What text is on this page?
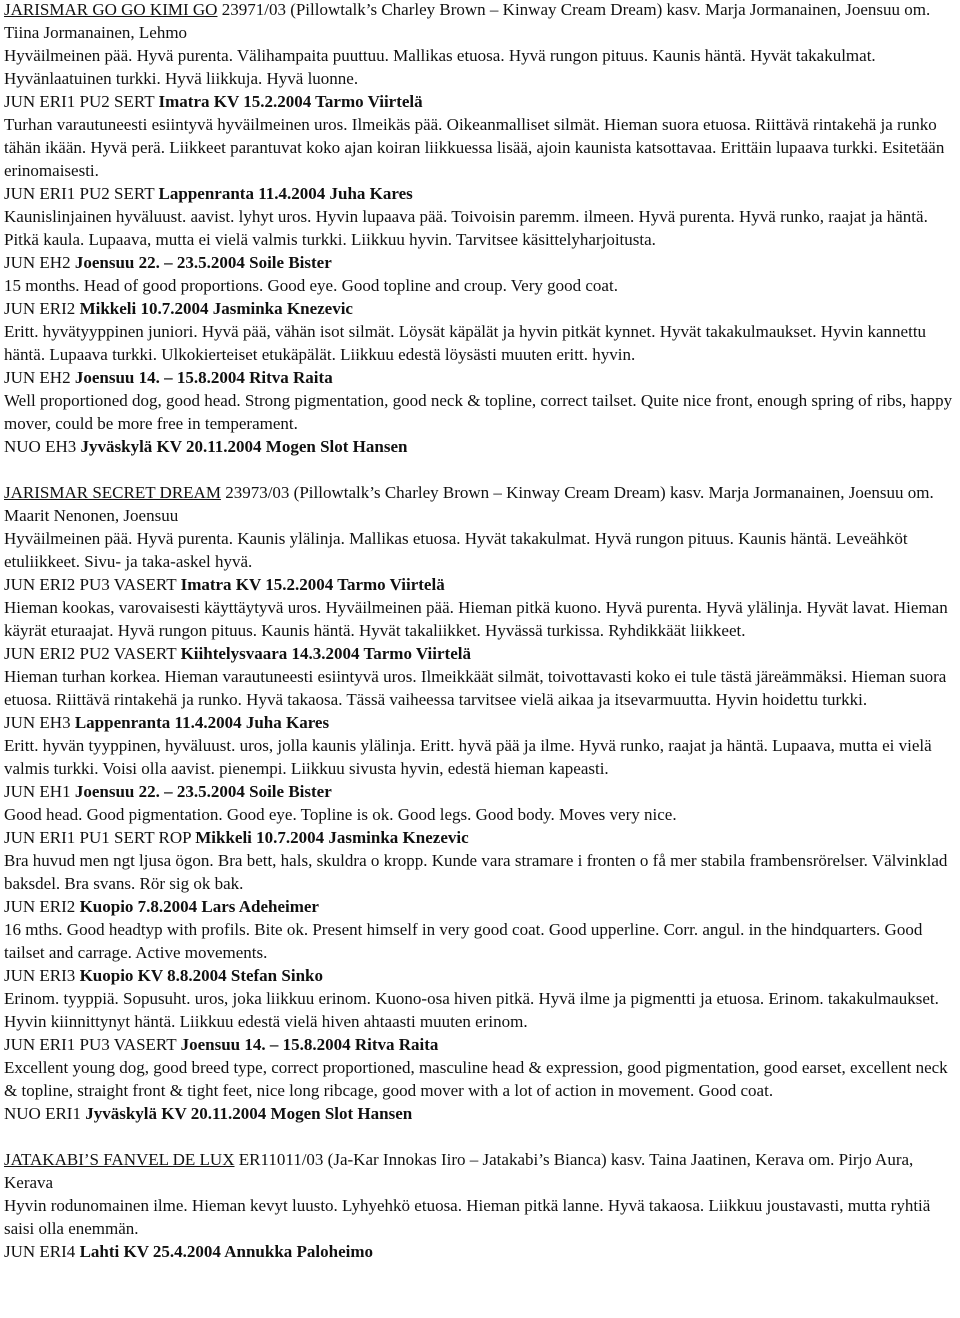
JARISMAR GO GO KIMI GO 23971/03 (Pillowtalk’s Charley Brown – Kinway Cream Dream) kasv. Marja Jormanainen, Joensuu om. Tiina Jormanainen, Lehmo

Hyväilmeinen pää. Hyvä purenta. Välihampaita puuttuu. Mallikas etuosa. Hyvä rungon pituus. Kaunis häntä. Hyvät takakulmat. Hyvänlaatuinen turkki. Hyvä liikkuja. Hyvä luonne.

JUN ERI1 PU2 SERT Imatra KV 15.2.2004 Tarmo Viirtelä

Turhan varautuneesti esiintyvä hyväilmeinen uros. Ilmeikäs pää. Oikeanmalliset silmät. Hieman suora etuosa. Riittävä rintakehä ja runko tähän ikään. Hyvä perä. Liikkeet parantuvat koko ajan koiran liikkuessa lisää, ajoin kaunista katsottavaa. Erittäin lupaava turkki. Esitetään erinomaisesti.

JUN ERI1 PU2 SERT Lappenranta 11.4.2004 Juha Kares

Kaunislinjainen hyväluust. aavist. lyhyt uros. Hyvin lupaava pää. Toivoisin paremm. ilmeen. Hyvä purenta. Hyvä runko, raajat ja häntä. Pitkä kaula. Lupaava, mutta ei vielä valmis turkki. Liikkuu hyvin. Tarvitsee käsittelyharjoitusta.

JUN EH2 Joensuu 22. – 23.5.2004 Soile Bister

15 months. Head of good proportions. Good eye. Good topline and croup. Very good coat.

JUN ERI2 Mikkeli 10.7.2004 Jasminka Knezevic

Eritt. hyvätyyppinen juniori. Hyvä pää, vähän isot silmät. Löysät käpälät ja hyvin pitkät kynnet. Hyvät takakulmaukset. Hyvin kannettu häntä. Lupaava turkki. Ulkokierteiset etukäpälät. Liikkuu edestä löysästi muuten eritt. hyvin.

JUN EH2 Joensuu 14. – 15.8.2004 Ritva Raita

Well proportioned dog, good head. Strong pigmentation, good neck & topline, correct tailset. Quite nice front, enough spring of ribs, happy mover, could be more free in temperament.

NUO EH3 Jyväskylä KV 20.11.2004 Mogen Slot Hansen

JARISMAR SECRET DREAM 23973/03 (Pillowtalk’s Charley Brown – Kinway Cream Dream) kasv. Marja Jormanainen, Joensuu om. Maarit Nenonen, Joensuu

Hyväilmeinen pää. Hyvä purenta. Kaunis ylälinja. Mallikas etuosa. Hyvät takakulmat. Hyvä rungon pituus. Kaunis häntä. Leveähköt etuliikkeet. Sivu- ja taka-askel hyvä.

JUN ERI2 PU3 VASERT Imatra KV 15.2.2004 Tarmo Viirtelä

Hieman kookas, varovaisesti käyttäytyvä uros. Hyväilmeinen pää. Hieman pitkä kuono. Hyvä purenta. Hyvä ylälinja. Hyvät lavat. Hieman käyrät eturaajat. Hyvä rungon pituus. Kaunis häntä. Hyvät takaliikket. Hyvässä turkissa. Ryhdikkäät liikkeet.

JUN ERI2 PU2 VASERT Kiihtelysvaara 14.3.2004 Tarmo Viirtelä

Hieman turhan korkea. Hieman varautuneesti esiintyvä uros. Ilmeikkäät silmät, toivottavasti koko ei tule tästä järeämmäksi. Hieman suora etuosa. Riittävä rintakehä ja runko. Hyvä takaosa. Tässä vaiheessa tarvitsee vielä aikaa ja itsevarmuutta. Hyvin hoidettu turkki.

JUN EH3 Lappenranta 11.4.2004 Juha Kares

Eritt. hyvän tyyppinen, hyväluust. uros, jolla kaunis ylälinja. Eritt. hyvä pää ja ilme. Hyvä runko, raajat ja häntä. Lupaava, mutta ei vielä valmis turkki. Voisi olla aavist. pienempi. Liikkuu sivusta hyvin, edestä hieman kapeasti.

JUN EH1 Joensuu 22. – 23.5.2004 Soile Bister

Good head. Good pigmentation. Good eye. Topline is ok. Good legs. Good body. Moves very nice.

JUN ERI1 PU1 SERT ROP Mikkeli 10.7.2004 Jasminka Knezevic

Bra huvud men ngt ljusa ögon. Bra bett, hals, skuldra o kropp. Kunde vara stramare i fronten o få mer stabila frambensrörelser. Välvinklad baksdel. Bra svans. Rör sig ok bak.

JUN ERI2 Kuopio 7.8.2004 Lars Adeheimer

16 mths. Good headtyp with profils. Bite ok. Present himself in very good coat. Good upperline. Corr. angul. in the hindquarters. Good tailset and carrage. Active movements.

JUN ERI3 Kuopio KV 8.8.2004 Stefan Sinko

Erinom. tyyppiä. Sopusuht. uros, joka liikkuu erinom. Kuono-osa hiven pitkä. Hyvä ilme ja pigmentti ja etuosa. Erinom. takakulmaukset. Hyvin kiinnittynyt häntä. Liikkuu edestä vielä hiven ahtaasti muuten erinom.

JUN ERI1 PU3 VASERT Joensuu 14. – 15.8.2004 Ritva Raita

Excellent young dog, good breed type, correct proportioned, masculine head & expression, good pigmentation, good earset, excellent neck & topline, straight front & tight feet, nice long ribcage, good mover with a lot of action in movement. Good coat.

NUO ERI1 Jyväskylä KV 20.11.2004 Mogen Slot Hansen

JATAKABI’S FANVEL DE LUX ER11011/03 (Ja-Kar Innokas Iiro – Jatakabi’s Bianca) kasv. Taina Jaatinen, Kerava om. Pirjo Aura, Kerava

Hyvin rodunomainen ilme. Hieman kevyt luusto. Lyhyehkö etuosa. Hieman pitkä lanne. Hyvä takaosa. Liikkuu joustavasti, mutta ryhtiä saisi olla enemmän.

JUN ERI4 Lahti KV 25.4.2004 Annukka Paloheimo
